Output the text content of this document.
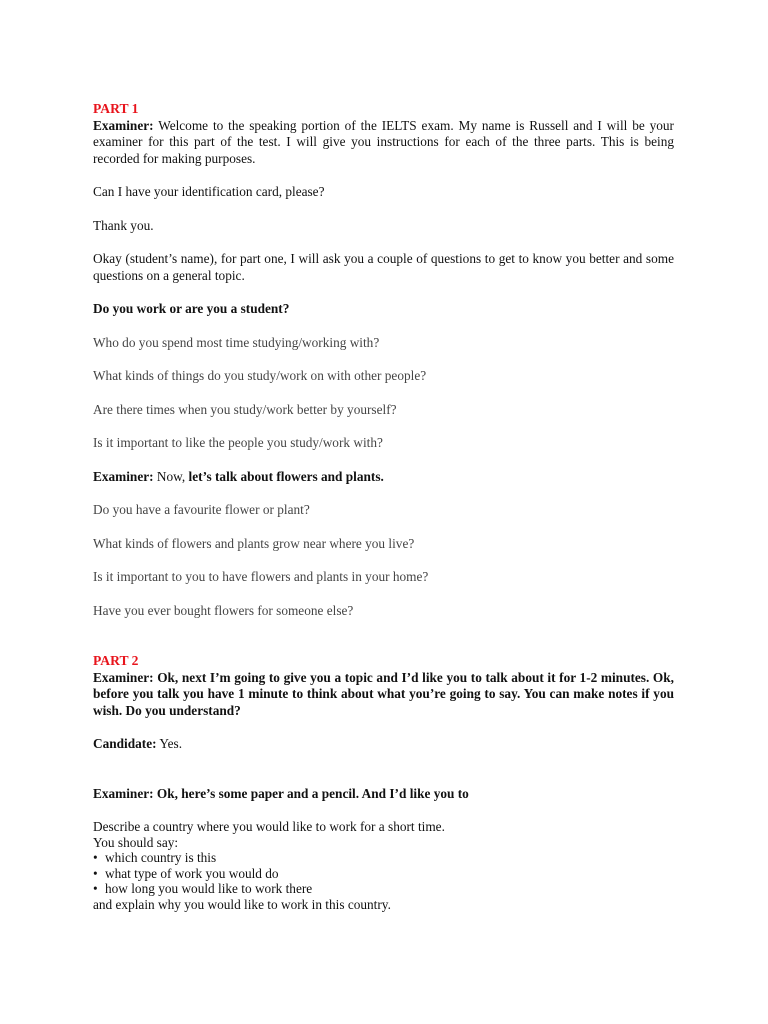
PART 1
Examiner: Welcome to the speaking portion of the IELTS exam. My name is Russell and I will be your examiner for this part of the test. I will give you instructions for each of the three parts. This is being recorded for making purposes.
Can I have your identification card, please?
Thank you.
Okay (student’s name), for part one, I will ask you a couple of questions to get to know you better and some questions on a general topic.
Do you work or are you a student?
Who do you spend most time studying/working with?
What kinds of things do you study/work on with other people?
Are there times when you study/work better by yourself?
Is it important to like the people you study/work with?
Examiner: Now, let’s talk about flowers and plants.
Do you have a favourite flower or plant?
What kinds of flowers and plants grow near where you live?
Is it important to you to have flowers and plants in your home?
Have you ever bought flowers for someone else?
PART 2
Examiner: Ok, next I’m going to give you a topic and I’d like you to talk about it for 1-2 minutes. Ok, before you talk you have 1 minute to think about what you’re going to say. You can make notes if you wish. Do you understand?
Candidate: Yes.
Examiner: Ok, here’s some paper and a pencil. And I’d like you to
Describe a country where you would like to work for a short time.
You should say:
• which country is this
• what type of work you would do
• how long you would like to work there
and explain why you would like to work in this country.
